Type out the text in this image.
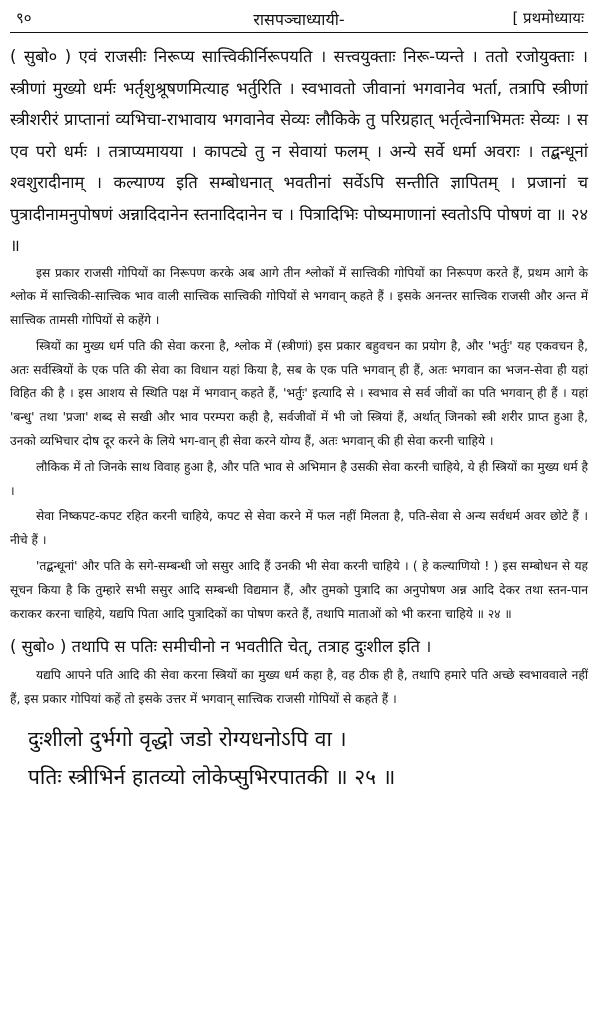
९०	रासपञ्चाध्यायी-	[ प्रथमोध्यायः

( सुबो० ) एवं राजसीः निरूप्य सात्त्विकीर्निरूपयति । सत्त्वयुक्ताः निरू-प्यन्ते । ततो रजोयुक्ताः । स्त्रीणां मुख्यो धर्मः भर्तृशुश्रूषणमित्याह भर्तुरिति । स्वभावतो जीवानां भगवानेव भर्ता, तत्रापि स्त्रीणां स्त्रीशरीरं प्राप्तानां व्यभिचा-राभावाय भगवानेव सेव्यः लौकिके तु परिग्रहात् भर्तृत्वेनाभिमतः सेव्यः । स एव परो धर्मः । तत्राप्यमायया । कापट्ये तु न सेवायां फलम् । अन्ये सर्वे धर्मा अवराः । तद्बन्धूनां श्वशुरादीनाम् । कल्याण्य इति सम्बोधनात् भवतीनां सर्वेऽपि सन्तीति ज्ञापितम् । प्रजानां च पुत्रादीनामनुपोषणं अन्नादिदानेन स्तनादिदानेन च । पित्रादिभिः पोष्यमाणानां स्वतोऽपि पोषणं वा ॥ २४ ॥

इस प्रकार राजसी गोपियों का निरूपण करके अब आगे तीन श्लोकों में सात्त्विकी गोपियों का निरूपण करते हैं, प्रथम आगे के श्लोक में सात्त्विकी-सात्त्विक भाव वाली सात्त्विक सात्त्विकी गोपियों से भगवान् कहते हैं । इसके अनन्तर सात्त्विक राजसी और अन्त में सात्त्विक तामसी गोपियों से कहेंगे ।

स्त्रियों का मुख्य धर्म पति की सेवा करना है, श्लोक में (स्त्रीणां) इस प्रकार बहुवचन का प्रयोग है, और 'भर्तुः' यह एकवचन है, अतः सर्वस्त्रियों के एक पति की सेवा का विधान यहां किया है, सब के एक पति भगवान् ही हैं, अतः भगवान का भजन-सेवा ही यहां विहित की है । इस आशय से स्थिति पक्ष में भगवान् कहते हैं, 'भर्तुः' इत्यादि से । स्वभाव से सर्व जीवों का पति भगवान् ही हैं । यहां 'बन्धु' तथा 'प्रजा' शब्द से सखी और भाव परम्परा कही है, सर्वजीवों में भी जो स्त्रियां हैं, अर्थात् जिनको स्त्री शरीर प्राप्त हुआ है, उनको व्यभिचार दोष दूर करने के लिये भग-वान् ही सेवा करने योग्य हैं, अतः भगवान् की ही सेवा करनी चाहिये ।

लौकिक में तो जिनके साथ विवाह हुआ है, और पति भाव से अभिमान है उसकी सेवा करनी चाहिये, ये ही स्त्रियों का मुख्य धर्म है ।

सेवा निष्कपट-कपट रहित करनी चाहिये, कपट से सेवा करने में फल नहीं मिलता है, पति-सेवा से अन्य सर्वधर्म अवर छोटे हैं । नीचे हैं ।

'तद्बन्धूनां' और पति के सगे-सम्बन्धी जो ससुर आदि हैं उनकी भी सेवा करनी चाहिये । ( हे कल्याणियो ! ) इस सम्बोधन से यह सूचन किया है कि तुम्हारे सभी ससुर आदि सम्बन्धी विद्यमान हैं, और तुमको पुत्रादि का अनुपोषण अन्न आदि देकर तथा स्तन-पान कराकर करना चाहिये, यद्यपि पिता आदि पुत्रादिकों का पोषण करते हैं, तथापि माताओं को भी करना चाहिये ॥ २४ ॥

( सुबो० ) तथापि स पतिः समीचीनो न भवतीति चेत्, तत्राह दुःशील इति ।

यद्यपि आपने पति आदि की सेवा करना स्त्रियों का मुख्य धर्म कहा है, वह ठीक ही है, तथापि हमारे पति अच्छे स्वभाववाले नहीं हैं, इस प्रकार गोपियां कहें तो इसके उत्तर में भगवान् सात्त्विक राजसी गोपियों से कहते हैं ।

दुःशीलो दुर्भगो वृद्धो जडो रोग्यधनोऽपि वा ।
पतिः स्त्रीभिर्न हातव्यो लोकेप्सुभिरपातकी ॥ २५ ॥
